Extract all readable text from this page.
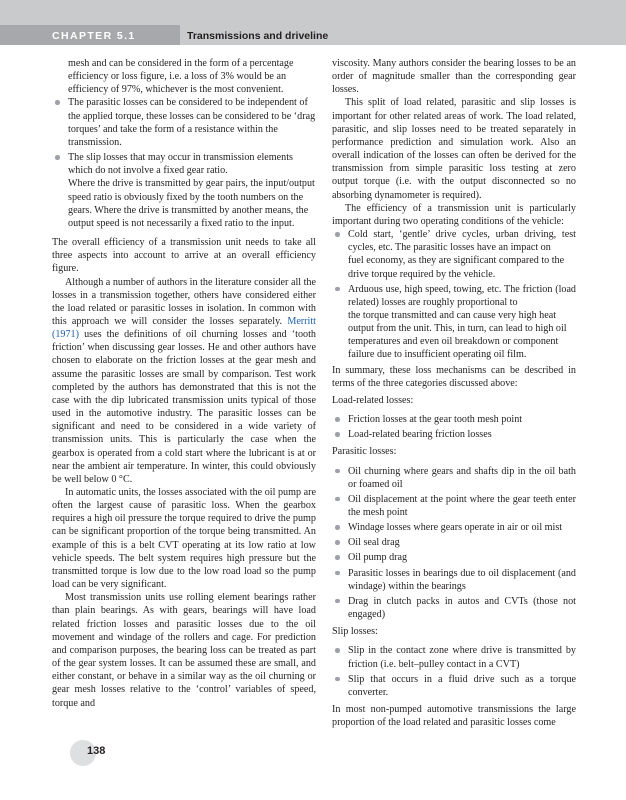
CHAPTER 5.1	Transmissions and driveline

mesh and can be considered in the form of a percentage efficiency or loss figure, i.e. a loss of 3% would be an efficiency of 97%, whichever is the most convenient.

The parasitic losses can be considered to be independent of the applied torque, these losses can be considered to be ‘drag torques’ and take the form of a resistance within the transmission.
The slip losses that may occur in transmission elements which do not involve a fixed gear ratio.
Where the drive is transmitted by gear pairs, the input/output speed ratio is obviously fixed by the tooth numbers on the gears. Where the drive is transmitted by another means, the output speed is not necessarily a fixed ratio to the input.

The overall efficiency of a transmission unit needs to take all three aspects into account to arrive at an overall efficiency figure.

Although a number of authors in the literature consider all the losses in a transmission together, others have considered either the load related or parasitic losses in isolation. In common with this approach we will consider the losses separately. Merritt (1971) uses the definitions of oil churning losses and ‘tooth friction’ when discussing gear losses. He and other authors have chosen to elaborate on the friction losses at the gear mesh and assume the parasitic losses are small by comparison. Test work completed by the authors has demonstrated that this is not the case with the dip lubricated transmission units typical of those used in the automotive industry. The parasitic losses can be significant and need to be considered in a wide variety of transmission units. This is particularly the case when the gearbox is operated from a cold start where the lubricant is at or near the ambient air temperature. In winter, this could obviously be well below 0 °C.

In automatic units, the losses associated with the oil pump are often the largest cause of parasitic loss. When the gearbox requires a high oil pressure the torque required to drive the pump can be significant proportion of the torque being transmitted. An example of this is a belt CVT operating at its low ratio at low vehicle speeds. The belt system requires high pressure but the transmitted torque is low due to the low road load so the pump load can be very significant.

Most transmission units use rolling element bearings rather than plain bearings. As with gears, bearings will have load related friction losses and parasitic losses due to the oil movement and windage of the rollers and cage. For prediction and comparison purposes, the bearing loss can be treated as part of the gear system losses. It can be assumed these are small, and either constant, or behave in a similar way as the oil churning or gear mesh losses relative to the ‘control’ variables of speed, torque and

viscosity. Many authors consider the bearing losses to be an order of magnitude smaller than the corresponding gear losses.

This split of load related, parasitic and slip losses is important for other related areas of work. The load related, parasitic, and slip losses need to be treated separately in performance prediction and simulation work. Also an overall indication of the losses can often be derived for the transmission from simple parasitic loss testing at zero output torque (i.e. with the output disconnected so no absorbing dynamometer is required).

The efficiency of a transmission unit is particularly important during two operating conditions of the vehicle:

Cold start, ‘gentle’ drive cycles, urban driving, test cycles, etc. The parasitic losses have an impact on
fuel economy, as they are significant compared to the drive torque required by the vehicle.
Arduous use, high speed, towing, etc. The friction (load related) losses are roughly proportional to
the torque transmitted and can cause very high heat output from the unit. This, in turn, can lead to high oil temperatures and even oil breakdown or component failure due to insufficient operating oil film.

In summary, these loss mechanisms can be described in terms of the three categories discussed above:

Load-related losses:

Friction losses at the gear tooth mesh point
Load-related bearing friction losses

Parasitic losses:

Oil churning where gears and shafts dip in the oil bath or foamed oil
Oil displacement at the point where the gear teeth enter the mesh point
Windage losses where gears operate in air or oil mist
Oil seal drag
Oil pump drag
Parasitic losses in bearings due to oil displacement (and windage) within the bearings
Drag in clutch packs in autos and CVTs (those not engaged)

Slip losses:

Slip in the contact zone where drive is transmitted by friction (i.e. belt–pulley contact in a CVT)
Slip that occurs in a fluid drive such as a torque converter.

In most non-pumped automotive transmissions the large proportion of the load related and parasitic losses come

138
